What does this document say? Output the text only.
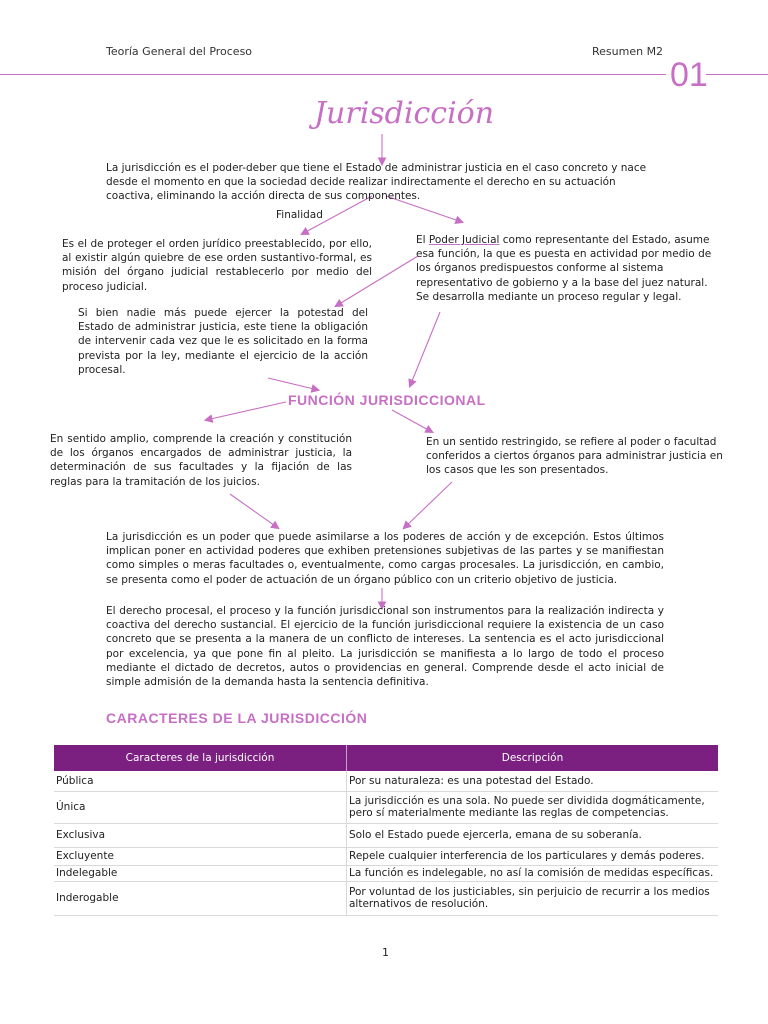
Teoría General del Proceso	Resumen M2
01
Jurisdicción
La jurisdicción es el poder-deber que tiene el Estado de administrar justicia en el caso concreto y nace desde el momento en que la sociedad decide realizar indirectamente el derecho en su actuación coactiva, eliminando la acción directa de sus componentes.
Finalidad
Es el de proteger el orden jurídico preestablecido, por ello, al existir algún quiebre de ese orden sustantivo-formal, es misión del órgano judicial restablecerlo por medio del proceso judicial.
El Poder Judicial como representante del Estado, asume esa función, la que es puesta en actividad por medio de los órganos predispuestos conforme al sistema representativo de gobierno y a la base del juez natural. Se desarrolla mediante un proceso regular y legal.
Si bien nadie más puede ejercer la potestad del Estado de administrar justicia, este tiene la obligación de intervenir cada vez que le es solicitado en la forma prevista por la ley, mediante el ejercicio de la acción procesal.
FUNCIÓN JURISDICCIONAL
En sentido amplio, comprende la creación y constitución de los órganos encargados de administrar justicia, la determinación de sus facultades y la fijación de las reglas para la tramitación de los juicios.
En un sentido restringido, se refiere al poder o facultad conferidos a ciertos órganos para administrar justicia en los casos que les son presentados.
La jurisdicción es un poder que puede asimilarse a los poderes de acción y de excepción. Estos últimos implican poner en actividad poderes que exhiben pretensiones subjetivas de las partes y se manifiestan como simples o meras facultades o, eventualmente, como cargas procesales. La jurisdicción, en cambio, se presenta como el poder de actuación de un órgano público con un criterio objetivo de justicia.
El derecho procesal, el proceso y la función jurisdiccional son instrumentos para la realización indirecta y coactiva del derecho sustancial. El ejercicio de la función jurisdiccional requiere la existencia de un caso concreto que se presenta a la manera de un conflicto de intereses. La sentencia es el acto jurisdiccional por excelencia, ya que pone fin al pleito. La jurisdicción se manifiesta a lo largo de todo el proceso mediante el dictado de decretos, autos o providencias en general. Comprende desde el acto inicial de simple admisión de la demanda hasta la sentencia definitiva.
CARACTERES DE LA JURISDICCIÓN
Caracteres de la jurisdicción	Descripción
Pública	Por su naturaleza: es una potestad del Estado.
Única	La jurisdicción es una sola. No puede ser dividida dogmáticamente, pero sí materialmente mediante las reglas de competencias.
Exclusiva	Solo el Estado puede ejercerla, emana de su soberanía.
Excluyente	Repele cualquier interferencia de los particulares y demás poderes.
Indelegable	La función es indelegable, no así la comisión de medidas específicas.
Inderogable	Por voluntad de los justiciables, sin perjuicio de recurrir a los medios alternativos de resolución.
1
